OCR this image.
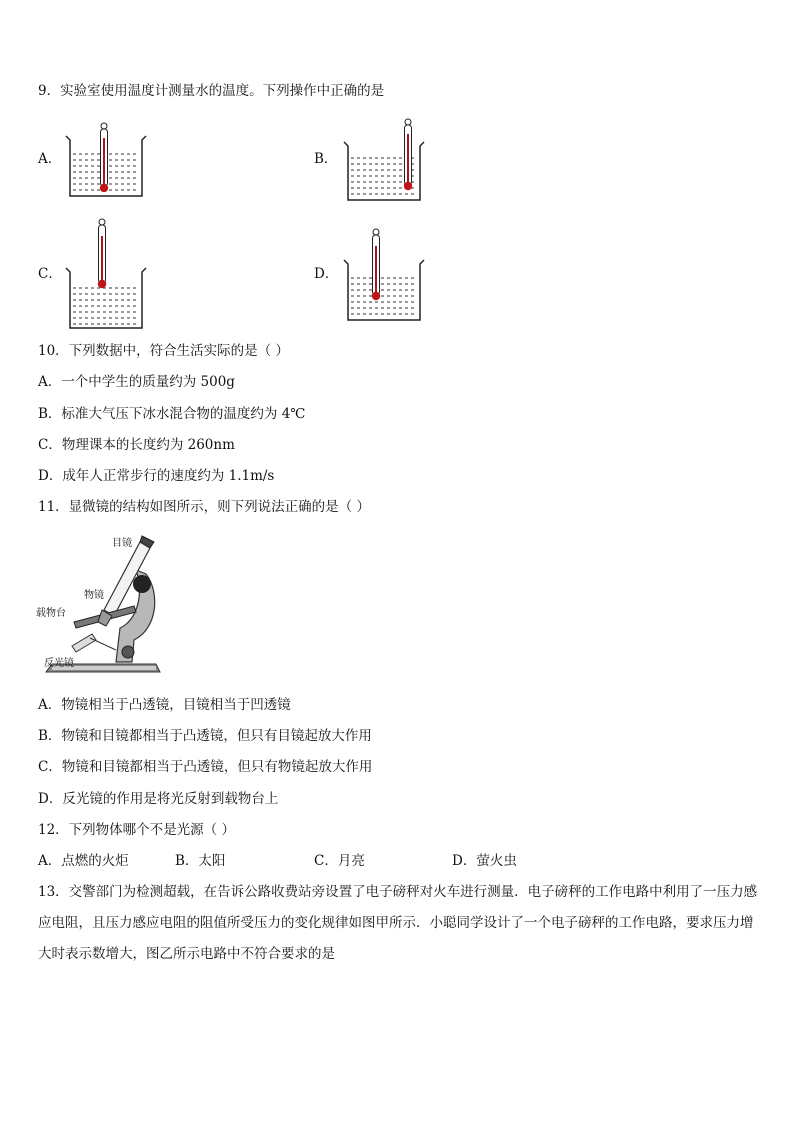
9．实验室使用温度计测量水的温度。下列操作中正确的是
A．	B．
C．	D．
10．下列数据中，符合生活实际的是（ ）
A．一个中学生的质量约为 500g
B．标准大气压下冰水混合物的温度约为 4℃
C．物理课本的长度约为 260nm
D．成年人正常步行的速度约为 1.1m/s
11．显微镜的结构如图所示，则下列说法正确的是（ ）
目镜
物镜
载物台
反光镜
A．物镜相当于凸透镜，目镜相当于凹透镜
B．物镜和目镜都相当于凸透镜，但只有目镜起放大作用
C．物镜和目镜都相当于凸透镜，但只有物镜起放大作用
D．反光镜的作用是将光反射到载物台上
12．下列物体哪个不是光源（ ）
A．点燃的火炬	B．太阳	C．月亮	D．萤火虫
13．交警部门为检测超载，在告诉公路收费站旁设置了电子磅秤对火车进行测量．电子磅秤的工作电路中利用了一压力感应电阻，且压力感应电阻的阻值所受压力的变化规律如图甲所示．小聪同学设计了一个电子磅秤的工作电路，要求压力增大时表示数增大，图乙所示电路中不符合要求的是
